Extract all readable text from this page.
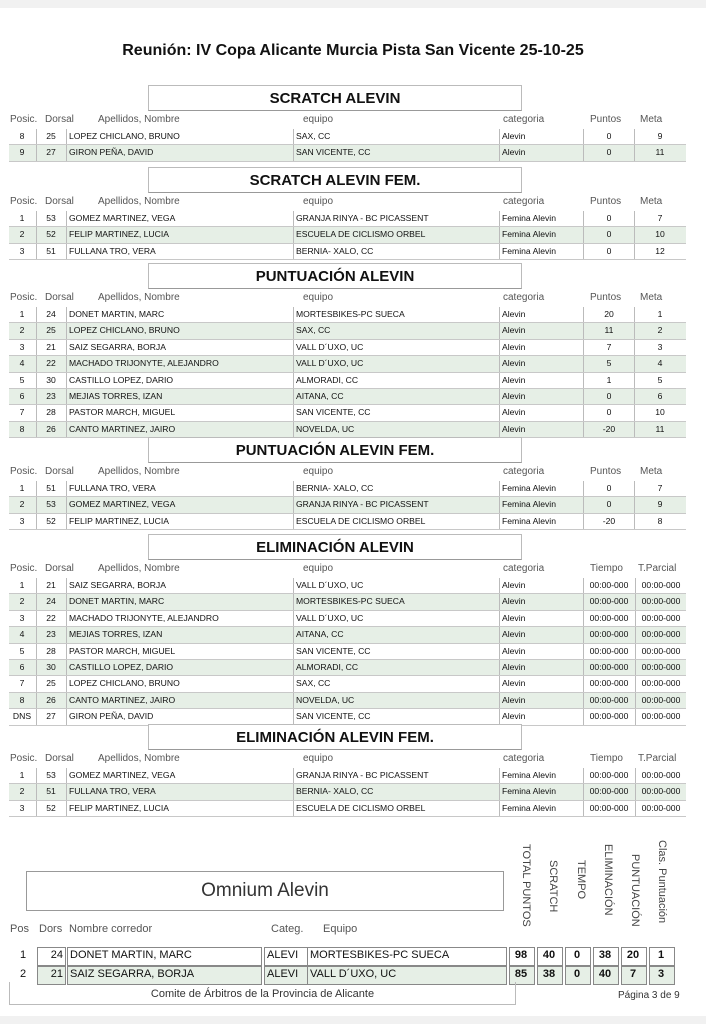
Reunión: IV Copa Alicante Murcia Pista San Vicente 25-10-25
SCRATCH ALEVIN
Posic. Dorsal Apellidos, Nombre	equipo	categoria	Puntos Meta
8	25	LOPEZ CHICLANO, BRUNO	SAX, CC	Alevin	0	9
9	27	GIRON PEÑA, DAVID	SAN VICENTE, CC	Alevin	0	11
SCRATCH ALEVIN FEM.
Posic. Dorsal Apellidos, Nombre	equipo	categoria	Puntos Meta
1	53	GOMEZ MARTINEZ, VEGA	GRANJA RINYA - BC PICASSENT	Femina Alevin	0	7
2	52	FELIP MARTINEZ, LUCIA	ESCUELA DE CICLISMO ORBEL	Femina Alevin	0	10
3	51	FULLANA TRO, VERA	BERNIA- XALO, CC	Femina Alevin	0	12
PUNTUACIÓN ALEVIN
Posic. Dorsal Apellidos, Nombre	equipo	categoria	Puntos Meta
1	24	DONET MARTIN, MARC	MORTESBIKES-PC SUECA	Alevin	20	1
2	25	LOPEZ CHICLANO, BRUNO	SAX, CC	Alevin	11	2
3	21	SAIZ SEGARRA, BORJA	VALL D´UXO, UC	Alevin	7	3
4	22	MACHADO TRIJONYTE, ALEJANDRO	VALL D´UXO, UC	Alevin	5	4
5	30	CASTILLO LOPEZ, DARIO	ALMORADI, CC	Alevin	1	5
6	23	MEJIAS TORRES, IZAN	AITANA, CC	Alevin	0	6
7	28	PASTOR MARCH, MIGUEL	SAN VICENTE, CC	Alevin	0	10
8	26	CANTO MARTINEZ, JAIRO	NOVELDA, UC	Alevin	-20	11
PUNTUACIÓN ALEVIN FEM.
Posic. Dorsal Apellidos, Nombre	equipo	categoria	Puntos Meta
1	51	FULLANA TRO, VERA	BERNIA- XALO, CC	Femina Alevin	0	7
2	53	GOMEZ MARTINEZ, VEGA	GRANJA RINYA - BC PICASSENT	Femina Alevin	0	9
3	52	FELIP MARTINEZ, LUCIA	ESCUELA DE CICLISMO ORBEL	Femina Alevin	-20	8
ELIMINACIÓN ALEVIN
Posic. Dorsal Apellidos, Nombre	equipo	categoria	Tiempo T.Parcial
1	21	SAIZ SEGARRA, BORJA	VALL D´UXO, UC	Alevin	00:00-000	00:00-000
2	24	DONET MARTIN, MARC	MORTESBIKES-PC SUECA	Alevin	00:00-000	00:00-000
3	22	MACHADO TRIJONYTE, ALEJANDRO	VALL D´UXO, UC	Alevin	00:00-000	00:00-000
4	23	MEJIAS TORRES, IZAN	AITANA, CC	Alevin	00:00-000	00:00-000
5	28	PASTOR MARCH, MIGUEL	SAN VICENTE, CC	Alevin	00:00-000	00:00-000
6	30	CASTILLO LOPEZ, DARIO	ALMORADI, CC	Alevin	00:00-000	00:00-000
7	25	LOPEZ CHICLANO, BRUNO	SAX, CC	Alevin	00:00-000	00:00-000
8	26	CANTO MARTINEZ, JAIRO	NOVELDA, UC	Alevin	00:00-000	00:00-000
DNS	27	GIRON PEÑA, DAVID	SAN VICENTE, CC	Alevin	00:00-000	00:00-000
ELIMINACIÓN ALEVIN FEM.
Posic. Dorsal Apellidos, Nombre	equipo	categoria	Tiempo T.Parcial
1	53	GOMEZ MARTINEZ, VEGA	GRANJA RINYA - BC PICASSENT	Femina Alevin	00:00-000	00:00-000
2	51	FULLANA TRO, VERA	BERNIA- XALO, CC	Femina Alevin	00:00-000	00:00-000
3	52	FELIP MARTINEZ, LUCIA	ESCUELA DE CICLISMO ORBEL	Femina Alevin	00:00-000	00:00-000
Omnium Alevin	TOTAL PUNTOS SCRATCH TEMPO ELIMINACIÓN PUNTUACIÓN Clas. Puntuación
Pos Dors Nombre corredor	Categ. Equipo
1	24 DONET MARTIN, MARC	ALEVI	MORTESBIKES-PC SUECA	98	40	0	38	20	1
2	21 SAIZ SEGARRA, BORJA	ALEVI	VALL D´UXO, UC	85	38	0	40	7	3
Comite de Árbitros de la Provincia de Alicante	Página 3 de 9
